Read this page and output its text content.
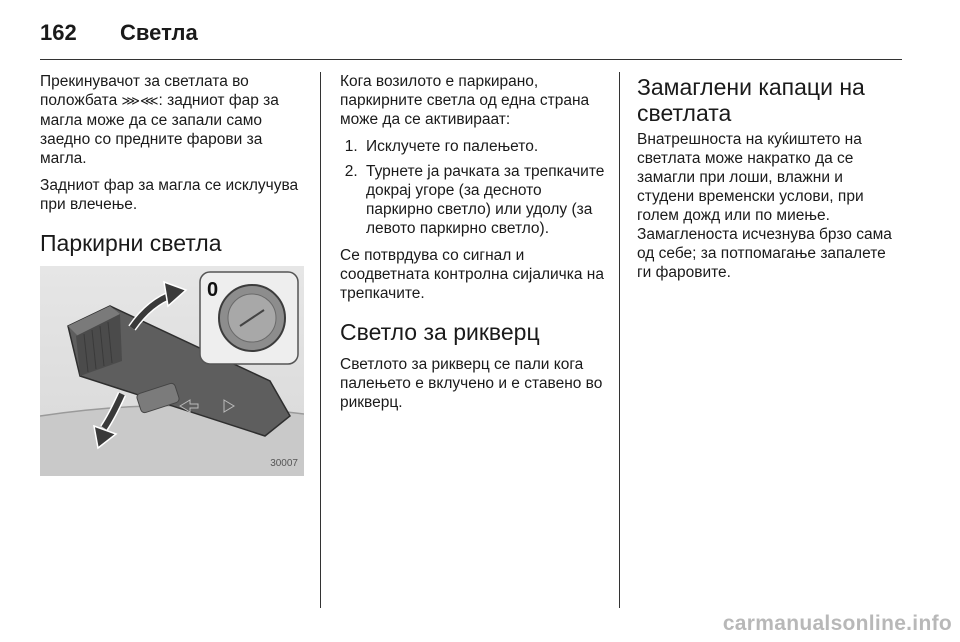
162 Светла

Прекинувачот за светлата во положбата ⋙⋘: задниот фар за магла може да се запали само заедно со предните фарови за магла.

Задниот фар за магла се исклучува при влечење.

Паркирни светла
0
30007

Кога возилото е паркирано, паркирните светла од една страна може да се активираат:

1. Исклучете го палењето.
2. Турнете ја рачката за трепкачите докрај угоре (за десното паркирно светло) или удолу (за левото паркирно светло).

Се потврдува со сигнал и соодветната контролна сијаличка на трепкачите.

Светло за рикверц

Светлото за рикверц се пали кога палењето е вклучено и е ставено во рикверц.

Замаглени капаци на светлата

Внатрешноста на куќиштето на светлата може накратко да се замагли при лоши, влажни и студени временски услови, при голем дожд или по миење. Замагленоста исчезнува брзо сама од себе; за потпомагање запалете ги фаровите.

carmanualsonline.info
